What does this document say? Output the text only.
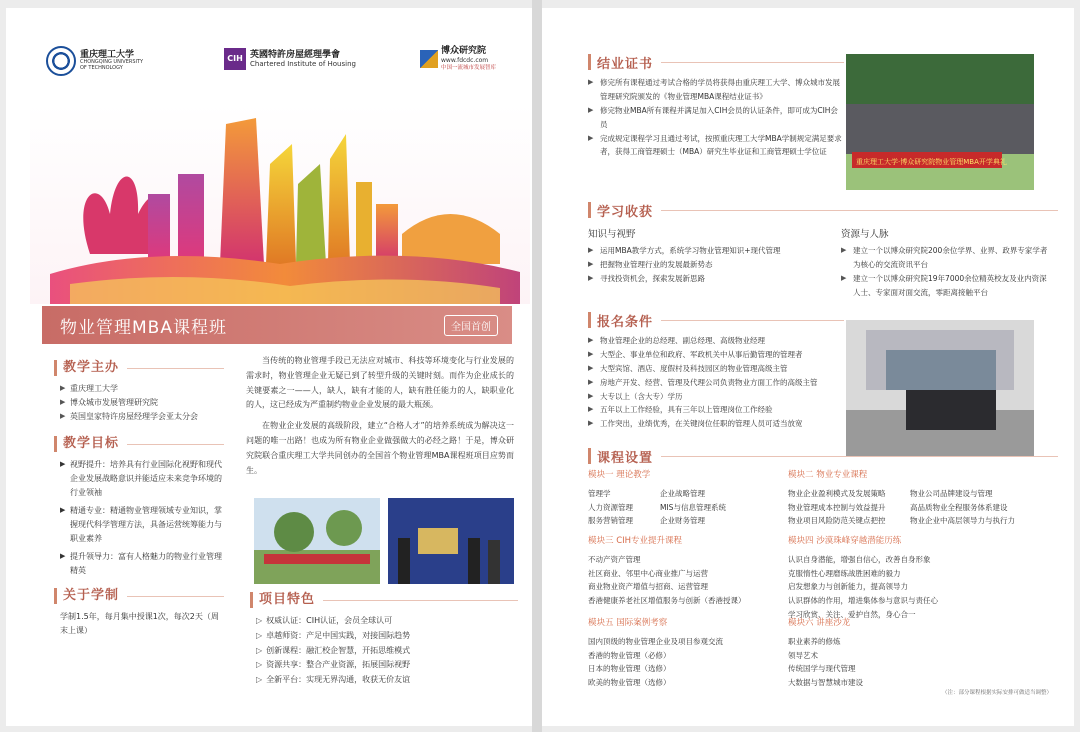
重庆理工大学
CHONGQING UNIVERSITY OF TECHNOLOGY
CIH 英國特許房屋經理學會
Chartered Institute of Housing
博众研究院
www.fdcdc.com
中国一流城市发展智库
物业管理MBA课程班	全国首创
教学主办
▶ 重庆理工大学
▶ 博众城市发展管理研究院
▶ 英国皇家特许房屋经理学会亚太分会
教学目标
▶ 视野提升：培养具有行业国际化视野和现代企业发展战略意识并能适应未来竞争环境的行业领袖
▶ 精通专业：精通物业管理领域专业知识，掌握现代科学管理方法，具备运营统筹能力与职业素养
▶ 提升领导力：富有人格魅力的物业行业管理精英
关于学制
学制1.5年，每月集中授课1次，每次2天（周末上课）

当传统的物业管理手段已无法应对城市、科技等环境变化与行业发展的需求时，物业管理企业无疑已到了转型升级的关键时刻。而作为企业成长的关键要素之一——人，缺人，缺有才能的人，缺有胜任能力的人，缺职业化的人，这已经成为严重制约物业企业发展的最大瓶颈。

在物业企业发展的高级阶段，建立“合格人才”的培养系统成为解决这一问题的唯一出路！也成为所有物业企业做强做大的必经之路！于是，博众研究院联合重庆理工大学共同创办的全国首个物业管理MBA课程班项目应势而生。

项目特色
▷ 权威认证：CIH认证，会员全球认可
▷ 卓越师资：产足中国实践，对接国际趋势
▷ 创新课程：融汇校企智慧，开拓思维模式
▷ 资源共享：整合产业资源，拓展国际视野
▷ 全新平台：实现无界沟通，收获无价友谊
结业证书
▶ 修完所有课程通过考试合格的学员将获得由重庆理工大学、博众城市发展管理研究院颁发的《物业管理MBA课程结业证书》
▶ 修完物业MBA所有课程并满足加入CIH会员的认证条件，即可成为CIH会员
▶ 完成规定课程学习且通过考试，按照重庆理工大学MBA学制规定满足要求者，获得工商管理硕士（MBA）研究生毕业证和工商管理硕士学位证
重庆理工大学·博众研究院物业管理MBA开学典礼
学习收获
知识与视野
▶ 运用MBA教学方式，系统学习物业管理知识+现代管理
▶ 把握物业管理行业的发展最新势态
▶ 寻找投资机会，探索发展新思路
资源与人脉
▶ 建立一个以博众研究院200余位学界、业界、政界专家学者为核心的交流资讯平台
▶ 建立一个以博众研究院19年7000余位精英校友及业内资深人士、专家面对面交流，零距离接触平台
报名条件
▶ 物业管理企业的总经理、副总经理、高级物业经理
▶ 大型企、事业单位和政府、军政机关中从事后勤管理的管理者
▶ 大型宾馆、酒店、度假村及科技园区的物业管理高级主管
▶ 房地产开发、经营、管理及代理公司负责物业方面工作的高级主管
▶ 大专以上（含大专）学历
▶ 五年以上工作经验，具有三年以上管理岗位工作经验
▶ 工作突出，业绩优秀，在关键岗位任职的管理人员可适当放宽
课程设置
模块一 理论教学
管理学	企业战略管理
人力资源管理	MIS与信息管理系统
服务营销管理	企业财务管理
模块二 物业专业课程
物业企业盈利模式及发展策略	物业公司品牌建设与管理
物业管理成本控制与效益提升	高品质物业全程服务体系建设
物业项目风险防范关键点把控	物业企业中高层领导力与执行力
模块三 CIH专业提升课程
不动产资产管理
社区商业、邻里中心商业推广与运营
商业物业资产增值与招商、运营管理
香港健康养老社区增值服务与创新（香港授课）
模块四 沙漠珠峰穿越潜能历练
认识自身潜能，增强自信心，改善自身形象
克服惰性心理磨练战胜困难的毅力
启发想象力与创新能力，提高领导力
认识群体的作用，增进集体参与意识与责任心
学习欣赏、关注、爱护自然，身心合一
模块五 国际案例考察
国内顶级的物业管理企业及项目参观交流
香港的物业管理（必修）
日本的物业管理（选修）
欧美的物业管理（选修）
模块六 讲座沙龙
职业素养的修炼
领导艺术
传统国学与现代管理
大数据与智慧城市建设
（注：部分课程根据实际安排可做适当调整）
